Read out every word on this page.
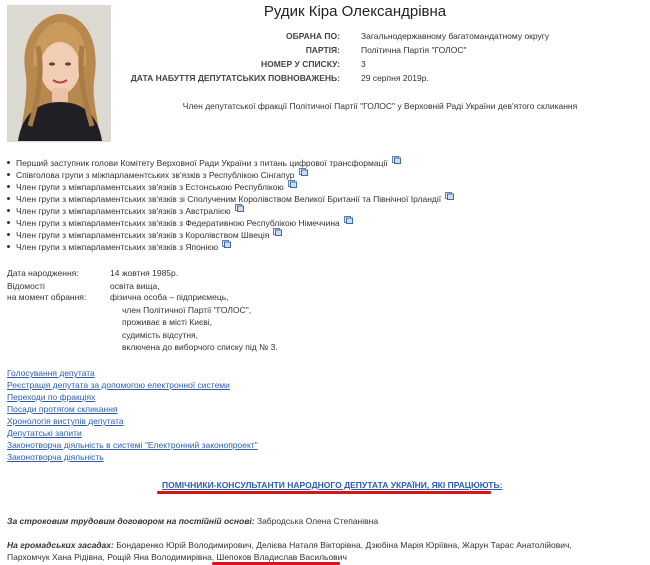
Рудик Кіра Олександрівна
ОБРАНА ПО: Загальнодержавному багатомандатному округу
ПАРТІЯ: Політична Партія "ГОЛОС"
НОМЕР У СПИСКУ: 3
ДАТА НАБУТТЯ ДЕПУТАТСЬКИХ ПОВНОВАЖЕНЬ: 29 серпня 2019р.
Член депутатської фракції Політичної Партії "ГОЛОС" у Верховній Раді України дев'ятого скликання
Перший заступник голови Комітету Верховної Ради України з питань цифрової трансформації
Співголова групи з міжпарламентських зв'язків з Республікою Сінгапур
Член групи з міжпарламентських зв'язків з Естонською Республікою
Член групи з міжпарламентських зв'язків зі Сполученим Королівством Великої Британії та Північної Ірландії
Член групи з міжпарламентських зв'язків з Австралією
Член групи з міжпарламентських зв'язків з Федеративною Республікою Німеччина
Член групи з міжпарламентських зв'язків з Королівством Швеція
Член групи з міжпарламентських зв'язків з Японією
Дата народження:	14 жовтня 1985р.
Відомості
на момент обрання:
освіта вища,
фізична особа – підприємець,
член Політичної Партії "ГОЛОС",
проживає в місті Києві,
судимість відсутня,
включена до виборчого списку під № 3.
Голосування депутата
Реєстрація депутата за допомогою електронної системи
Переходи по фракціях
Посади протягом скликання
Хронологія виступів депутата
Депутатські запити
Законотворча діяльність в системі "Електронний законопроект"
Законотворча діяльність
ПОМІЧНИКИ-КОНСУЛЬТАНТИ НАРОДНОГО ДЕПУТАТА УКРАЇНИ, ЯКІ ПРАЦЮЮТЬ:
За строковим трудовим договором на постійній основі: Забродська Олена Степанівна
На громадських засадах: Бондаренко Юрій Володимирович, Делієва Наталя Вікторівна, Дзюбіна Марія Юріївна, Жарун Тарас Анатолійович,
Пархомчук Хана Рідівна, Рощій Яна Володимирівна, Шепоков Владислав Васильович
